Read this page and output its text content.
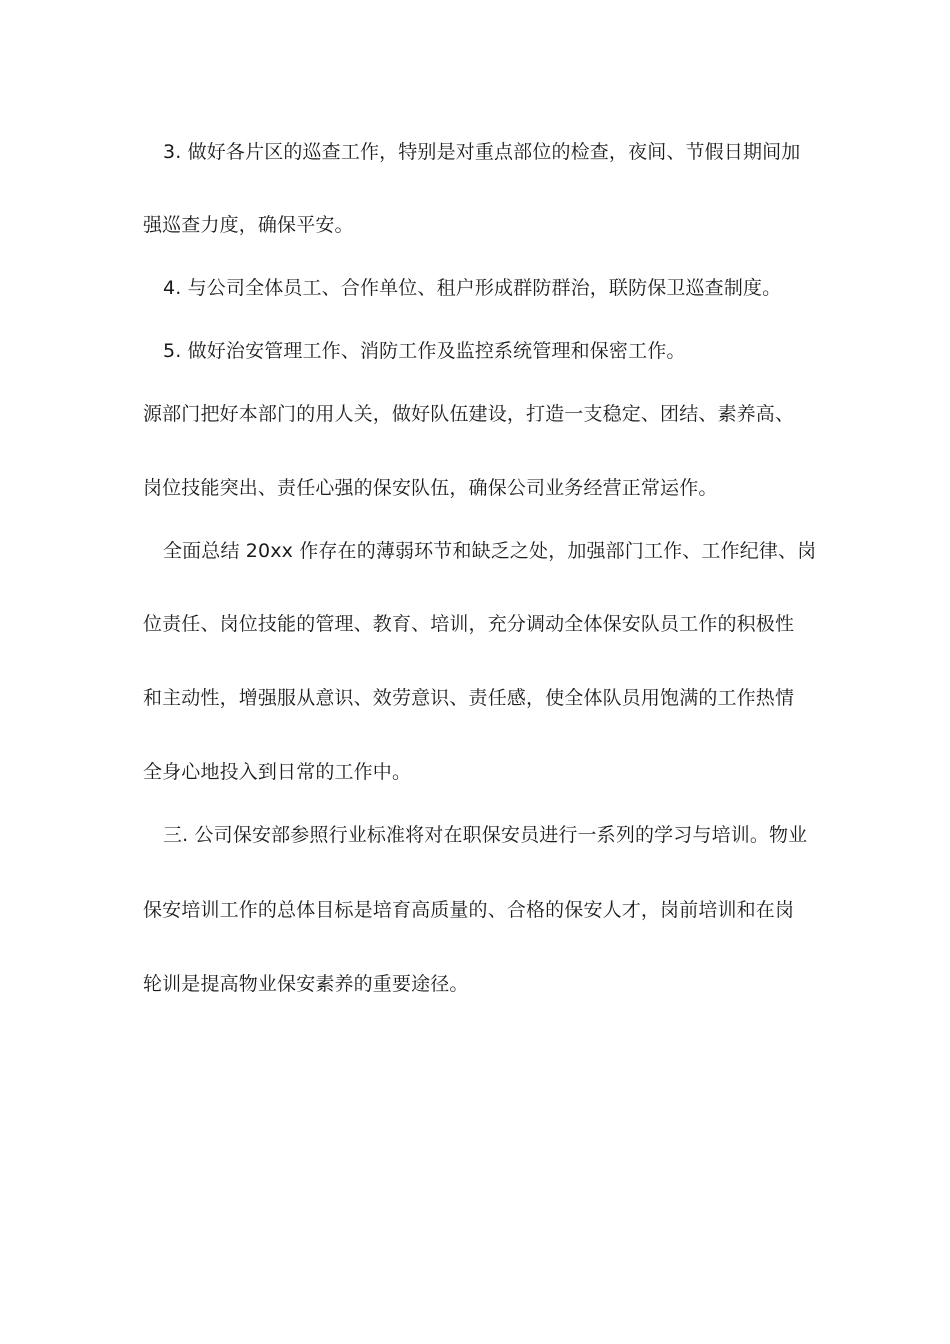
3. 做好各片区的巡查工作，特别是对重点部位的检查，夜间、节假日期间加
强巡查力度，确保平安。
4. 与公司全体员工、合作单位、租户形成群防群治，联防保卫巡查制度。
5. 做好治安管理工作、消防工作及监控系统管理和保密工作。
源部门把好本部门的用人关，做好队伍建设，打造一支稳定、团结、素养高、
岗位技能突出、责任心强的保安队伍，确保公司业务经营正常运作。
全面总结 20xx 作存在的薄弱环节和缺乏之处，加强部门工作、工作纪律、岗
位责任、岗位技能的管理、教育、培训，充分调动全体保安队员工作的积极性
和主动性，增强服从意识、效劳意识、责任感，使全体队员用饱满的工作热情
全身心地投入到日常的工作中。
三. 公司保安部参照行业标准将对在职保安员进行一系列的学习与培训。物业
保安培训工作的总体目标是培育高质量的、合格的保安人才，岗前培训和在岗
轮训是提高物业保安素养的重要途径。
